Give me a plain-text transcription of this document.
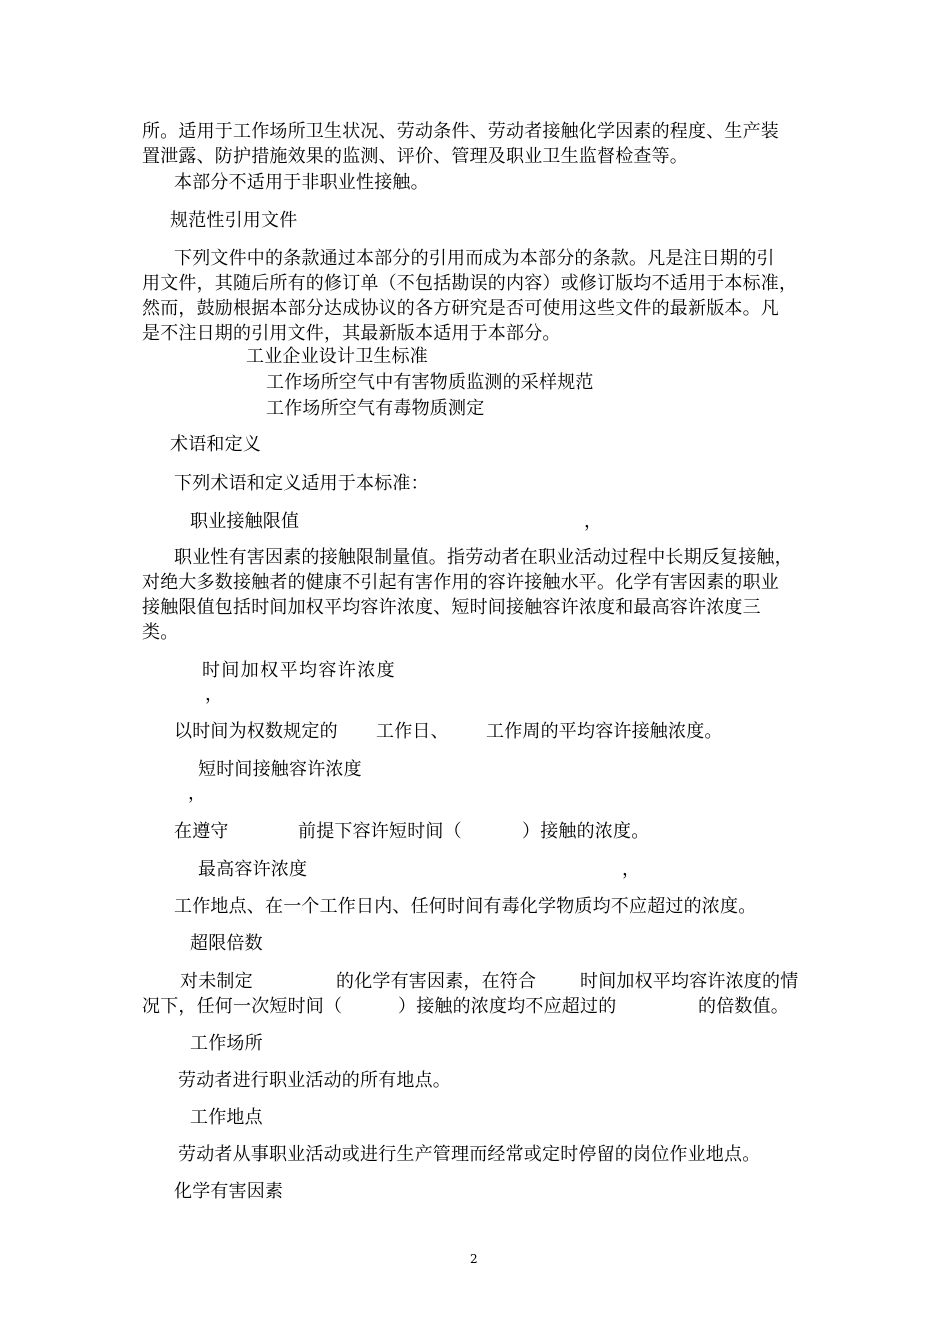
所。适用于工作场所卫生状况、劳动条件、劳动者接触化学因素的程度、生产装
置泄露、防护措施效果的监测、评价、管理及职业卫生监督检查等。
本部分不适用于非职业性接触。
规范性引用文件
下列文件中的条款通过本部分的引用而成为本部分的条款。凡是注日期的引
用文件，其随后所有的修订单（不包括勘误的内容）或修订版均不适用于本标准，
然而，鼓励根据本部分达成协议的各方研究是否可使用这些文件的最新版本。凡
是不注日期的引用文件，其最新版本适用于本部分。
工业企业设计卫生标准
工作场所空气中有害物质监测的采样规范
工作场所空气有毒物质测定
术语和定义
下列术语和定义适用于本标准：
职业接触限值	，
职业性有害因素的接触限制量值。指劳动者在职业活动过程中长期反复接触，
对绝大多数接触者的健康不引起有害作用的容许接触水平。化学有害因素的职业
接触限值包括时间加权平均容许浓度、短时间接触容许浓度和最高容许浓度三
类。
时间加权平均容许浓度
，
以时间为权数规定的 工作日、 工作周的平均容许接触浓度。
短时间接触容许浓度
，
在遵守	前提下容许短时间（	）接触的浓度。
最高容许浓度	，
工作地点、在一个工作日内、任何时间有毒化学物质均不应超过的浓度。
超限倍数
对未制定	的化学有害因素，在符合 时间加权平均容许浓度的情
况下，任何一次短时间（	）接触的浓度均不应超过的	的倍数值。
工作场所
劳动者进行职业活动的所有地点。
工作地点
劳动者从事职业活动或进行生产管理而经常或定时停留的岗位作业地点。
化学有害因素
2
